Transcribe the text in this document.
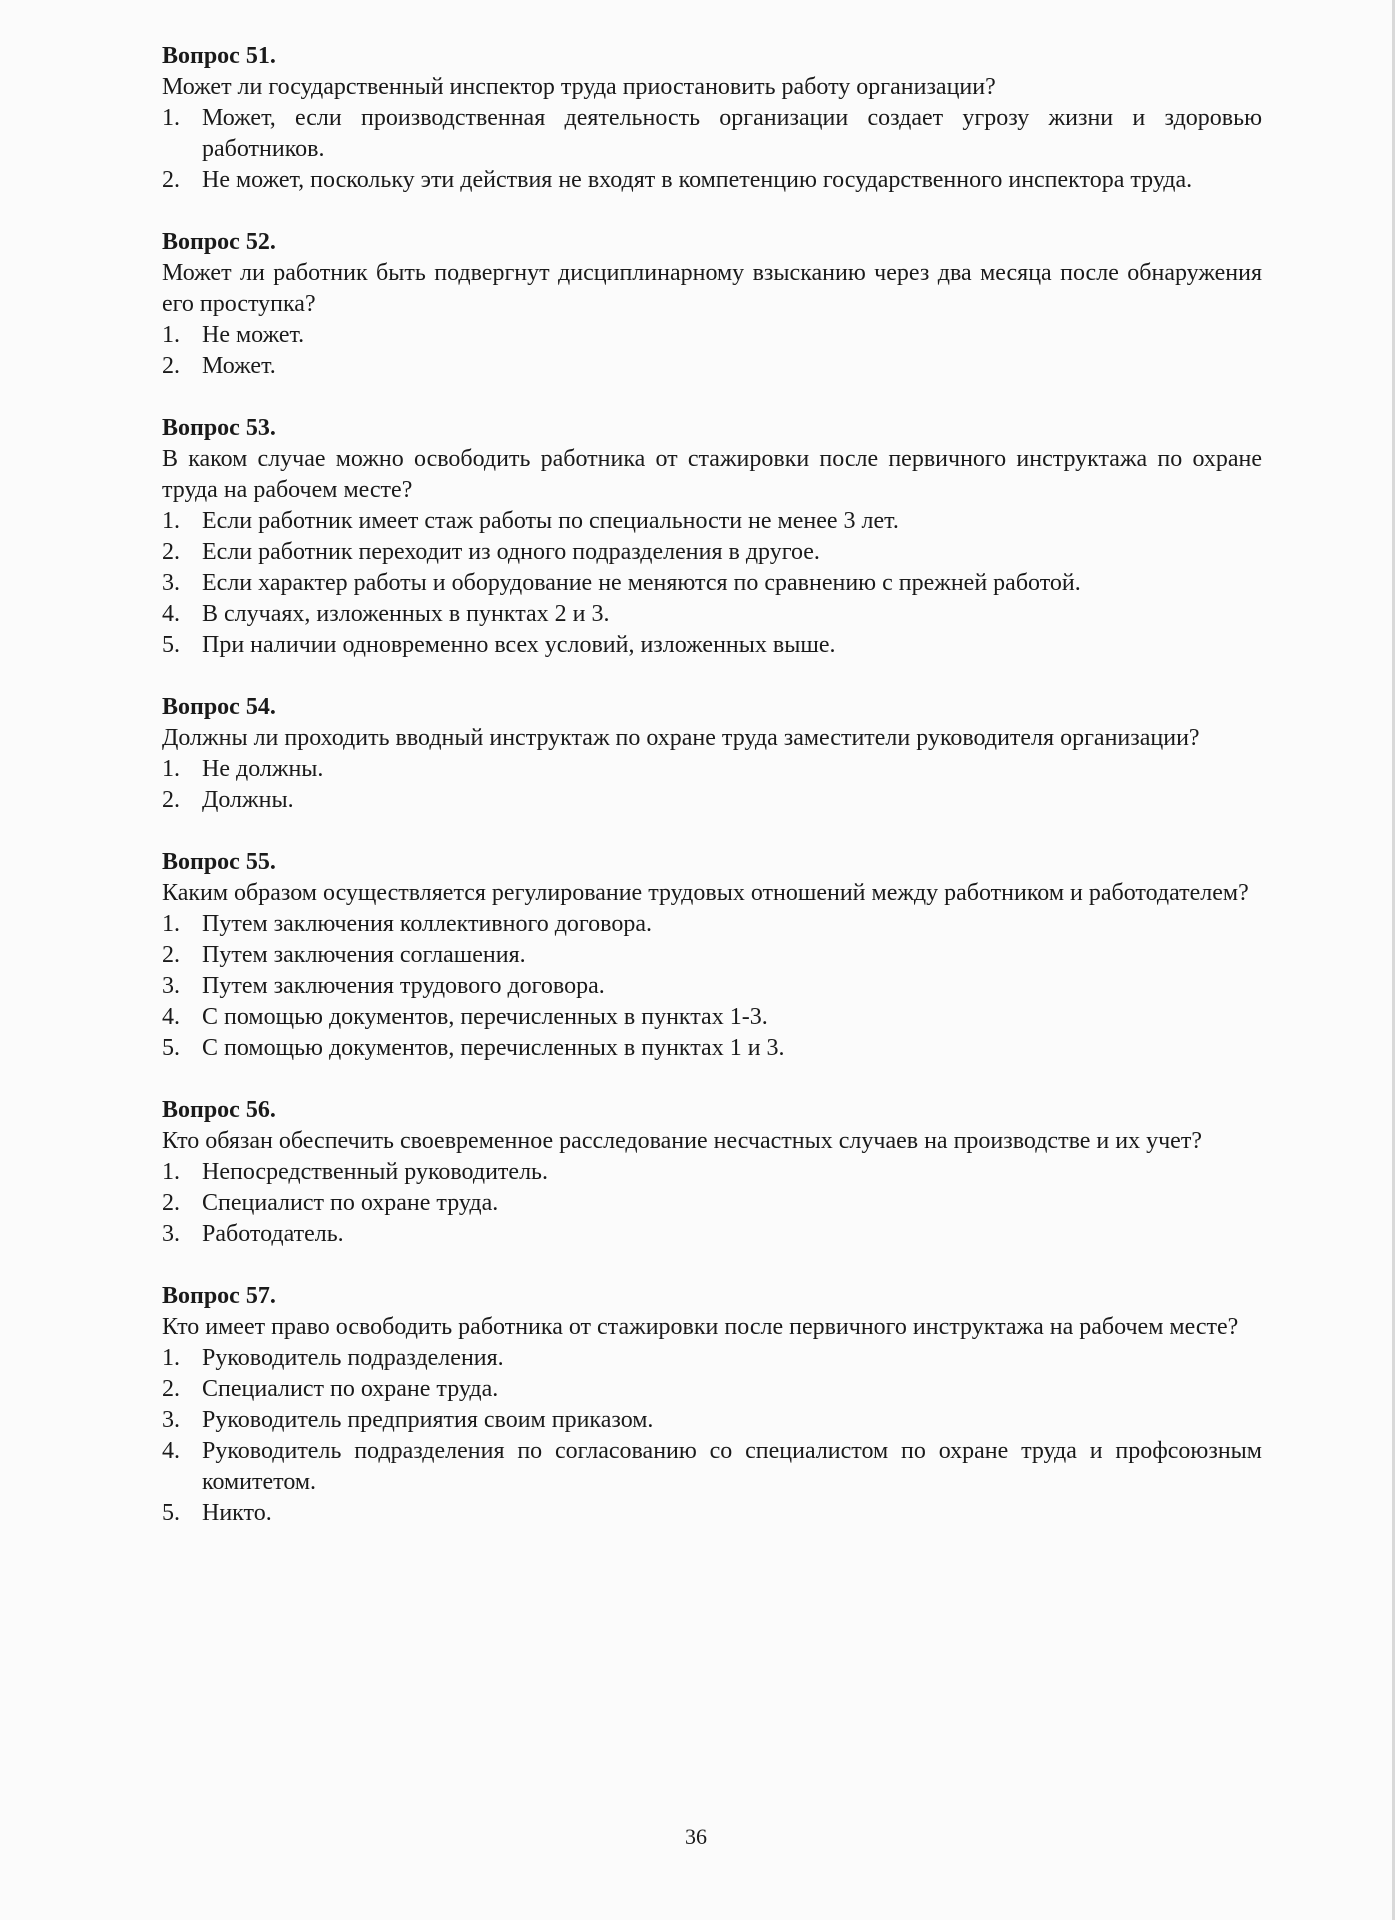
Вопрос 51.
Может ли государственный инспектор труда приостановить работу организации?
1. Может, если производственная деятельность организации создает угрозу жизни и здоровью работников.
2. Не может, поскольку эти действия не входят в компетенцию государственного инспектора труда.
Вопрос 52.
Может ли работник быть подвергнут дисциплинарному взысканию через два месяца после обнаружения его проступка?
1. Не может.
2. Может.
Вопрос 53.
В каком случае можно освободить работника от стажировки после первичного инструктажа по охране труда на рабочем месте?
1. Если работник имеет стаж работы по специальности не менее 3 лет.
2. Если работник переходит из одного подразделения в другое.
3. Если характер работы и оборудование не меняются по сравнению с прежней работой.
4. В случаях, изложенных в пунктах 2 и 3.
5. При наличии одновременно всех условий, изложенных выше.
Вопрос 54.
Должны ли проходить вводный инструктаж по охране труда заместители руководителя организации?
1. Не должны.
2. Должны.
Вопрос 55.
Каким образом осуществляется регулирование трудовых отношений между работником и работодателем?
1. Путем заключения коллективного договора.
2. Путем заключения соглашения.
3. Путем заключения трудового договора.
4. С помощью документов, перечисленных в пунктах 1-3.
5. С помощью документов, перечисленных в пунктах 1 и 3.
Вопрос 56.
Кто обязан обеспечить своевременное расследование несчастных случаев на производстве и их учет?
1. Непосредственный руководитель.
2. Специалист по охране труда.
3. Работодатель.
Вопрос 57.
Кто имеет право освободить работника от стажировки после первичного инструктажа на рабочем месте?
1. Руководитель подразделения.
2. Специалист по охране труда.
3. Руководитель предприятия своим приказом.
4. Руководитель подразделения по согласованию со специалистом по охране труда и профсоюзным комитетом.
5. Никто.
36
